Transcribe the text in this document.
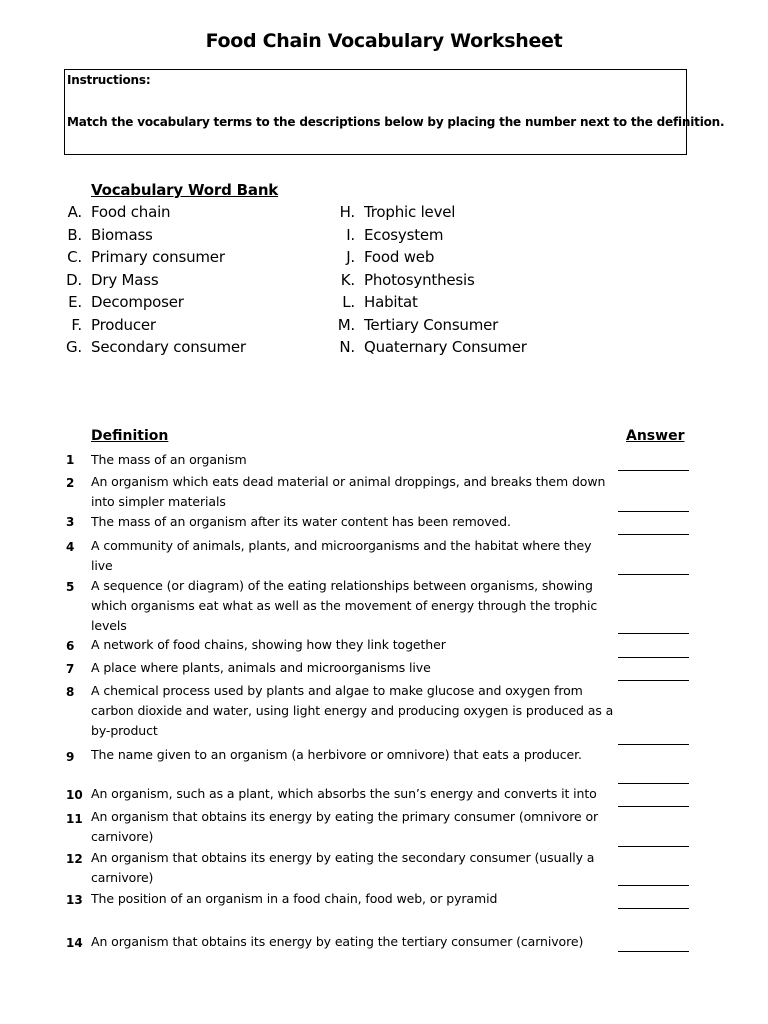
Food Chain Vocabulary Worksheet
Instructions:
Match the vocabulary terms to the descriptions below by placing the number next to the definition.
Vocabulary Word Bank
A. Food chain
B. Biomass
C. Primary consumer
D. Dry Mass
E. Decomposer
F. Producer
G. Secondary consumer
H. Trophic level
I. Ecosystem
J. Food web
K. Photosynthesis
L. Habitat
M. Tertiary Consumer
N. Quaternary Consumer
Definition	Answer
1 The mass of an organism
2 An organism which eats dead material or animal droppings, and breaks them down into simpler materials
3 The mass of an organism after its water content has been removed.
4 A community of animals, plants, and microorganisms and the habitat where they live
5 A sequence (or diagram) of the eating relationships between organisms, showing which organisms eat what as well as the movement of energy through the trophic levels
6 A network of food chains, showing how they link together
7 A place where plants, animals and microorganisms live
8 A chemical process used by plants and algae to make glucose and oxygen from carbon dioxide and water, using light energy and producing oxygen is produced as a by-product
9 The name given to an organism (a herbivore or omnivore) that eats a producer.
10 An organism, such as a plant, which absorbs the sun’s energy and converts it into
11 An organism that obtains its energy by eating the primary consumer (omnivore or carnivore)
12 An organism that obtains its energy by eating the secondary consumer (usually a carnivore)
13 The position of an organism in a food chain, food web, or pyramid
14 An organism that obtains its energy by eating the tertiary consumer (carnivore)
